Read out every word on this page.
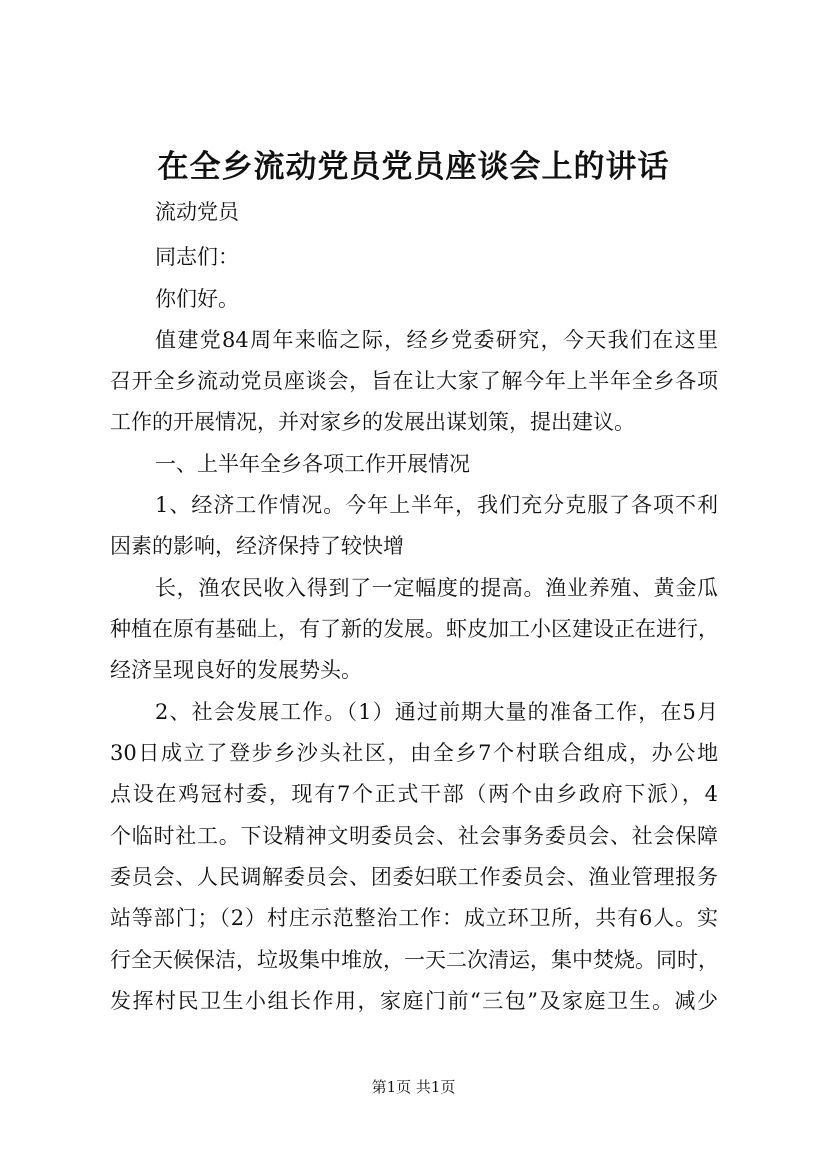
在全乡流动党员党员座谈会上的讲话
流动党员
同志们：
你们好。
值建党84周年来临之际，经乡党委研究，今天我们在这里
召开全乡流动党员座谈会，旨在让大家了解今年上半年全乡各项
工作的开展情况，并对家乡的发展出谋划策，提出建议。
一、上半年全乡各项工作开展情况
1、经济工作情况。今年上半年，我们充分克服了各项不利
因素的影响，经济保持了较快增
长，渔农民收入得到了一定幅度的提高。渔业养殖、黄金瓜
种植在原有基础上，有了新的发展。虾皮加工小区建设正在进行，
经济呈现良好的发展势头。
2、社会发展工作。（1）通过前期大量的准备工作，在5月
30日成立了登步乡沙头社区，由全乡7个村联合组成，办公地
点设在鸡冠村委，现有7个正式干部（两个由乡政府下派），4
个临时社工。下设精神文明委员会、社会事务委员会、社会保障
委员会、人民调解委员会、团委妇联工作委员会、渔业管理报务
站等部门；（2）村庄示范整治工作：成立环卫所，共有6人。实
行全天候保洁，垃圾集中堆放，一天二次清运，集中焚烧。同时，
发挥村民卫生小组长作用，家庭门前“三包”及家庭卫生。减少
第1页 共1页
